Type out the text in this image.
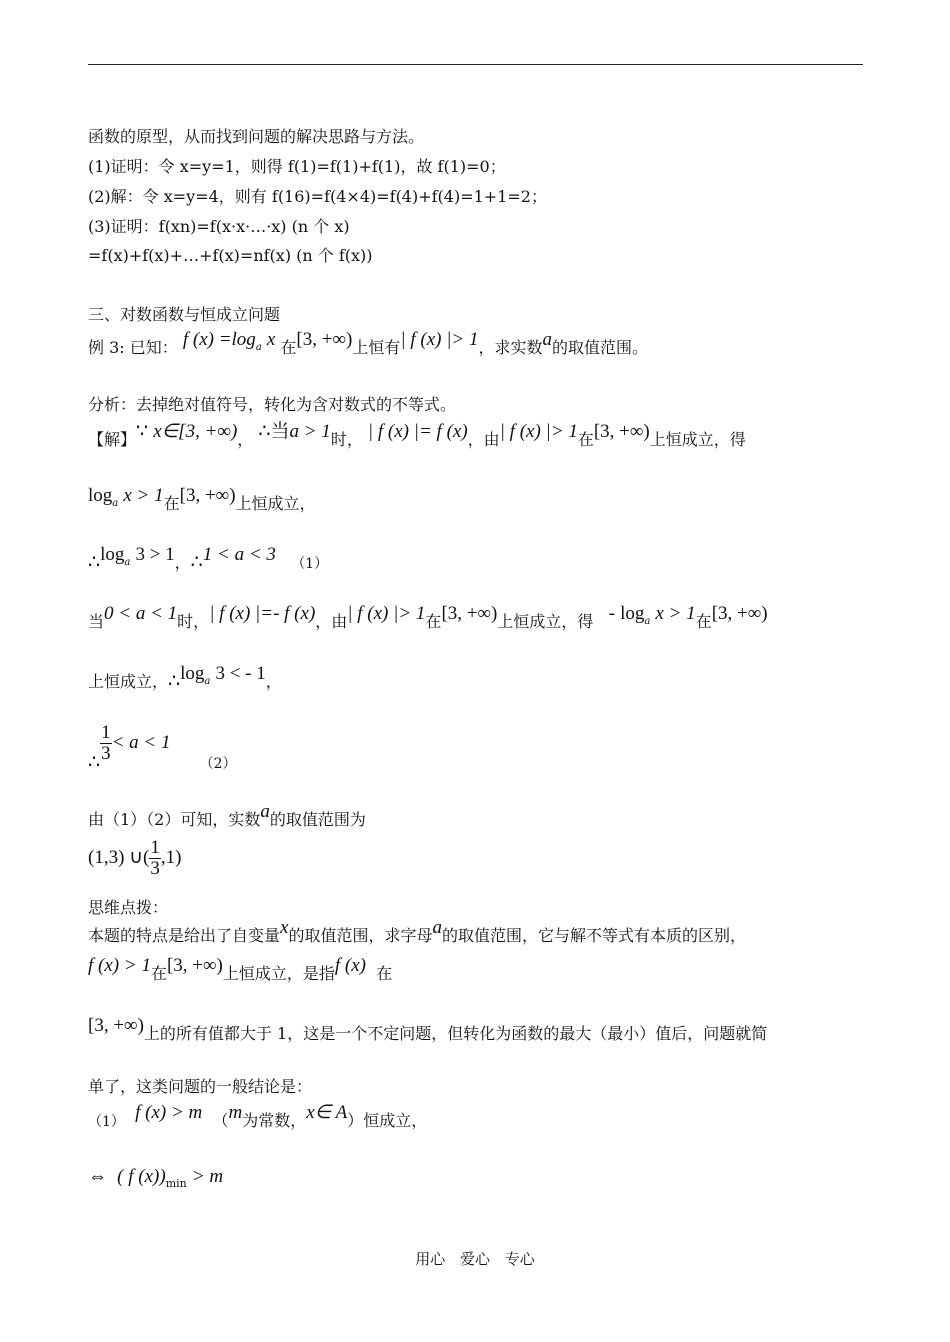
函数的原型，从而找到问题的解决思路与方法。
(1)证明：令 x=y=1，则得 f(1)=f(1)+f(1)，故 f(1)=0；
(2)解：令 x=y=4，则有 f(16)=f(4×4)=f(4)+f(4)=1+1=2；
(3)证明：f(xn)=f(x·x·…·x) (n 个 x)
=f(x)+f(x)+…+f(x)=nf(x) (n 个 f(x))
三、对数函数与恒成立问题
例 3: 已知： f $(x) =\log_a$ x 在[3, +∞)上恒有| f (x) |> 1，求实数a的取值范围。
分析：去掉绝对值符号，转化为含对数式的不等式。
【解】∵ x∈[3, +∞)， ∴当a > 1时， | f (x) |= f (x)，由| f (x) |> 1在[3, +∞)上恒成立，得
$\log_a x > 1$在[3, +∞)上恒成立，
$\therefore\log_a$ 3 > 1，∴1 < a < 3 （1）
当0 < a < 1时，| f (x) |=- f (x)，由| f (x) |> 1在[3, +∞)上恒成立，得 - $\log_a x > 1$在[3, +∞)
上恒成立，$\therefore\log_a$ 3 < - 1，
∴ $\frac{1}{3} < a < 1$ （2）
由（1）（2）可知，实数a的取值范围为
(1,3) ∪( $\frac{1}{3} ,1$)
思维点拨：
本题的特点是给出了自变量x的取值范围，求字母a的取值范围，它与解不等式有本质的区别，
f (x) > 1在[3, +∞)上恒成立，是指f (x) 在
[3, +∞)上的所有值都大于 1，这是一个不定问题，但转化为函数的最大（最小）值后，问题就简
单了，这类问题的一般结论是：
（1） f (x) > m （m为常数，x∈ A）恒成立，
⇔ ( f $(x))_{min} > m$
用心 爱心 专心
